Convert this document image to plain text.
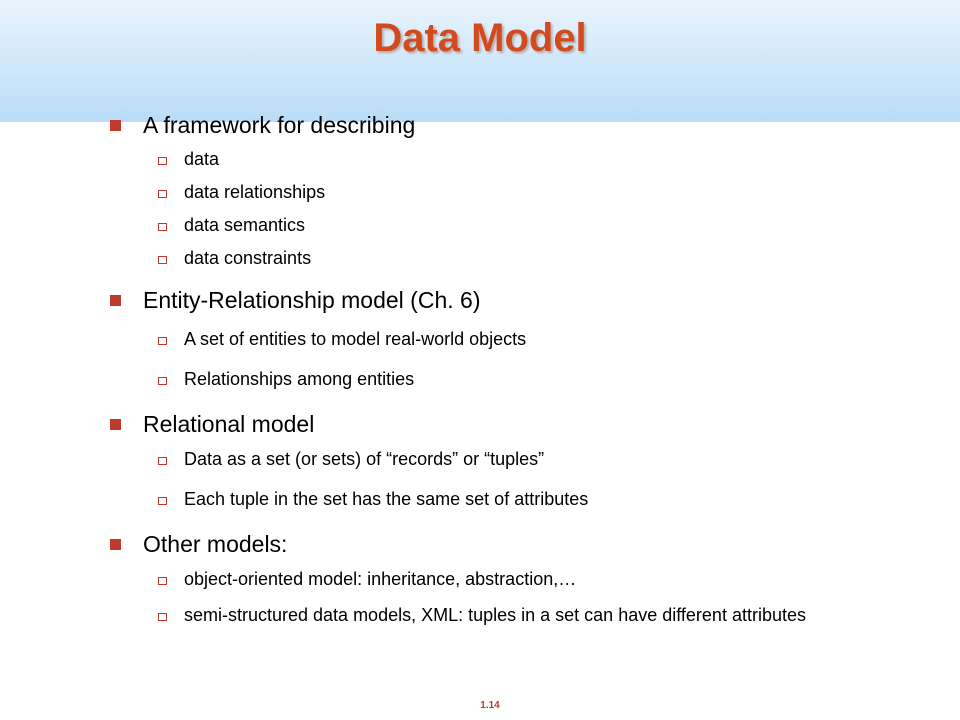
Data Model
A framework for describing
data
data relationships
data semantics
data constraints
Entity-Relationship model (Ch. 6)
A set of entities to model real-world objects
Relationships among entities
Relational model
Data as a set (or sets) of “records” or “tuples”
Each tuple in the set has the same set of attributes
Other models:
object-oriented model: inheritance, abstraction,…
semi-structured data models, XML: tuples in a set can have different attributes
1.14
